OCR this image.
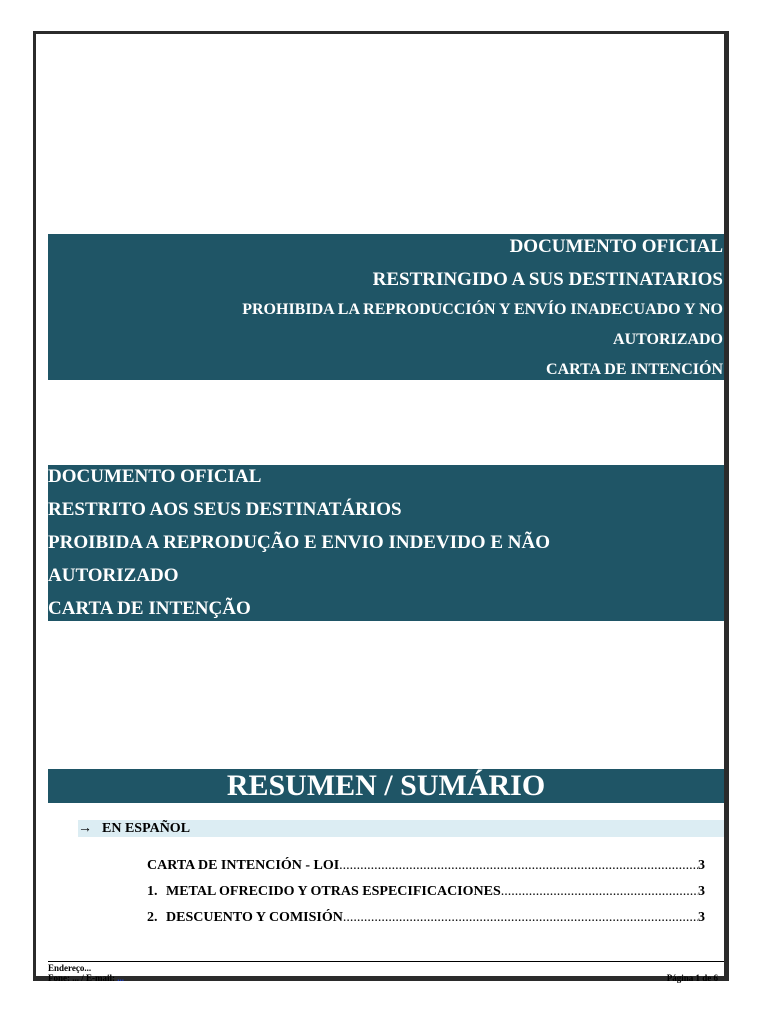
DOCUMENTO OFICIAL
RESTRINGIDO A SUS DESTINATARIOS
PROHIBIDA LA REPRODUCCIÓN Y ENVÍO INADECUADO Y NO
AUTORIZADO
CARTA DE INTENCIÓN
DOCUMENTO OFICIAL
RESTRITO AOS SEUS DESTINATÁRIOS
PROIBIDA A REPRODUÇÃO E ENVIO INDEVIDO E NÃO
AUTORIZADO
CARTA DE INTENÇÃO
RESUMEN / SUMÁRIO
→ EN ESPAÑOL
CARTA DE INTENCIÓN - LOI .....	3
1. METAL OFRECIDO Y OTRAS ESPECIFICACIONES .....	3
2. DESCUENTO Y COMISIÓN .....	3
Endereço...
Fone: ... / E-mail: ...	Página 1 de 6
